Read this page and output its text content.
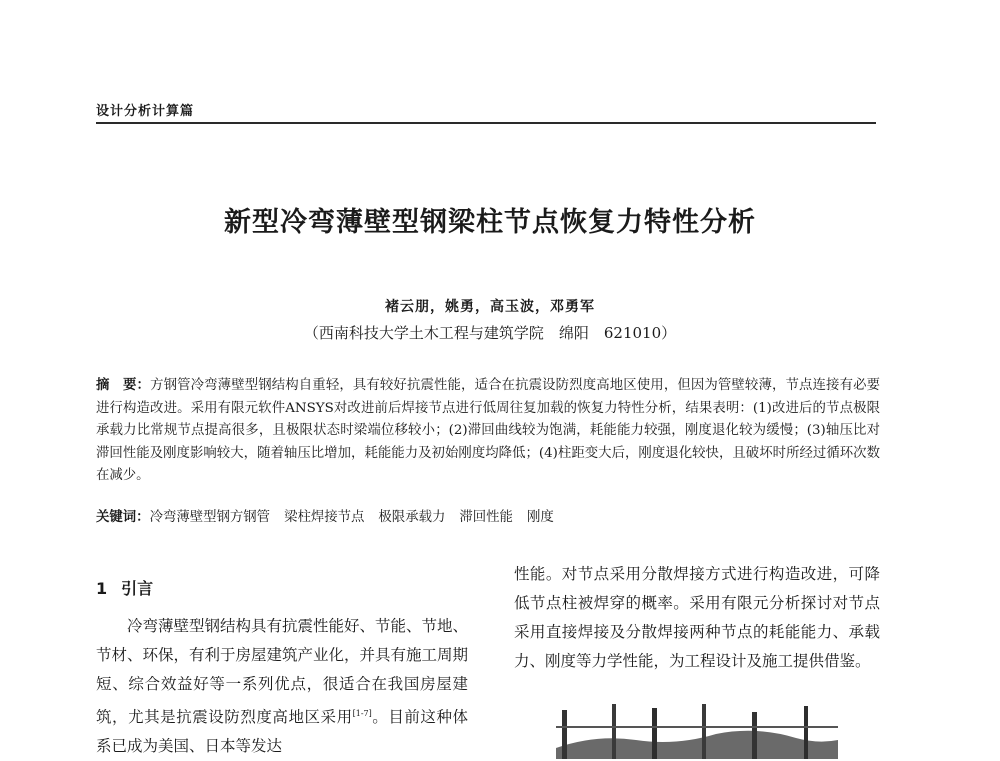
设计分析计算篇
新型冷弯薄壁型钢梁柱节点恢复力特性分析
褚云朋，姚勇，高玉波，邓勇军
（西南科技大学土木工程与建筑学院　绵阳　621010）
摘　要：方钢管冷弯薄壁型钢结构自重轻，具有较好抗震性能，适合在抗震设防烈度高地区使用，但因为管壁较薄，节点连接有必要进行构造改进。采用有限元软件ANSYS对改进前后焊接节点进行低周往复加载的恢复力特性分析，结果表明：(1)改进后的节点极限承载力比常规节点提高很多，且极限状态时梁端位移较小；(2)滞回曲线较为饱满，耗能能力较强，刚度退化较为缓慢；(3)轴压比对滞回性能及刚度影响较大，随着轴压比增加，耗能能力及初始刚度均降低；(4)柱距变大后，刚度退化较快，且破坏时所经过循环次数在减少。
关键词：冷弯薄壁型钢方钢管 梁柱焊接节点 极限承载力 滞回性能 刚度
1 引言

冷弯薄壁型钢结构具有抗震性能好、节能、节地、节材、环保，有利于房屋建筑产业化，并具有施工周期短、综合效益好等一系列优点，很适合在我国房屋建筑，尤其是抗震设防烈度高地区采用[1-7]。目前这种体系已成为美国、日本等发达

性能。对节点采用分散焊接方式进行构造改进，可降低节点柱被焊穿的概率。采用有限元分析探讨对节点采用直接焊接及分散焊接两种节点的耗能能力、承载力、刚度等力学性能，为工程设计及施工提供借鉴。
